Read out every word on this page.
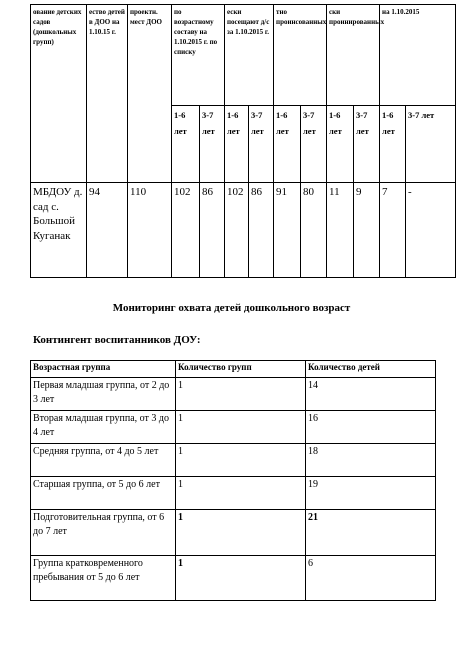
ование детских садов (дошкольных групп)	ество детей в ДОО на 1.10.15 г.	проектн. мест ДОО	по возрастному составу на 1.10.2015 г. по списку		ески посещают д/с за 1.10.2015 г.		тно проинсованных		ски проинированных		на 1.10.2015	
			1-6 лет	3-7 лет	1-6 лет	3-7 лет	1-6 лет	3-7 лет	1-6 лет	3-7 лет	1-6 лет	3-7 лет
МБДОУ д. сад с. Большой Куганак	94	110	102	86	102	86	91	80	11	9	7	-
Мониторинг охвата детей дошкольного возраст
Контингент воспитанников ДОУ:
Возрастная группа	Количество групп	Количество детей
Первая младшая группа, от 2 до 3 лет	1	14
Вторая младшая группа, от 3 до 4 лет	1	16
Средняя группа, от 4 до 5 лет	1	18
Старшая группа, от 5 до 6 лет	1	19
Подготовительная группа, от 6 до 7 лет	1	21
Группа кратковременного пребывания от 5 до 6 лет	1	6
